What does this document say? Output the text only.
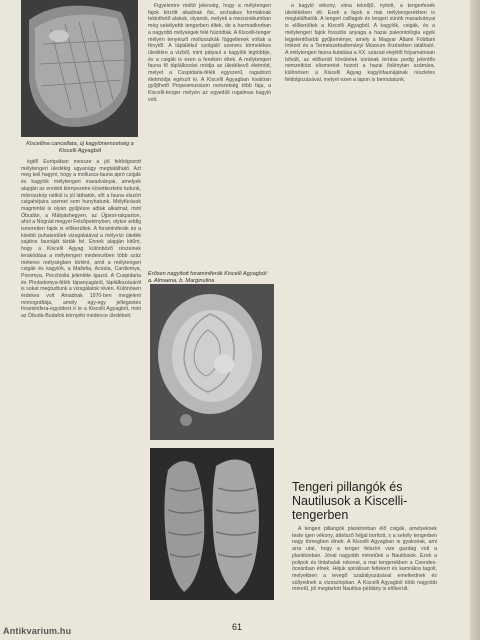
Kiscellina cancellata, új kagylónemzetség a Kiscelli Agyagból

égtől Európában messze a jól feldolgozott mélytengeri üledékig ugyanúgy megtalálható. Azt meg kell hagyni, hogy a mollusca-fauna apró csigák és kagylók mélytengeri maradványai, amelyek alapján az eredeti környezetre következtetni tudunk, mikroszkóp nélkül is jól láthatók, sőt a fauna elszórt csigahéjaira szemet sem hunyhatunk. Mélyfúrások magmintái is olyan gyűjtésre adtak alkalmat, mint Óbudán, a Mátyáshegyen, az Újpest-rakparton, ahol a Nógrád megyei Felsőpetényben, olykor eddig ismeretlen fajok is előkerültek. A foraminiferák és a kisebb puhatestűek vizsgálatával a mélyvízi üledék sajátos faunáját tárták fel. Ennek alapján kitűnt, hogy a Kiscelli Agyag különböző részeinek lerakódása a mélytengeri medencében több száz méteres mélységben történt, amit a mélytengeri csigák és kagylók, a Malletia, Acesta, Cardiomya, Poromya, Pecchiolia jelenléte igazol. A Cuspidaria és Pholadomya-félék tápanyagáról, táplálkozásáról is sokat megtudtunk a vizsgálatok révén. Különösen érdekes volt Amadnak 1970-ben megjelent monográfiája, amely egy-egy jellegzetes foraminifera-együttest ír le a Kiscelli Agyagból, mint az Óbuda-Budafok környéki medence üledékeit.

Figyelemre méltó jelenség, hogy a mélytengeri fajok között akadnak ősi, archaikus formáknak tekinthető alakok, olyanok, melyek a mezozoikumban még sekélyebb tengerben éltek, de a harmadkorban a nagyobb mélységek felé húzódtak. A Kiscelli-tenger mélyén tenyésző mollusszkák függetlenek voltak a fénytől. A táplálékul szolgáló szerves törmelékes üledékre a vízből, mint pályaul a kagylók legtöbbje, és a csigák is ezen a fenékén éltek. A mélytengeri fauna fő táplálkozási módja az üledékevő életmód, melyet a Cuspidaria-félék egyszerű, ragadozó életmódja egészít ki. A Kiscelli Agyagban kiválóan gyűjthető Propeamussium nemzetség több faja, a Kiscelli-tenger mélyén az egyedüli rugalmas kagyló volt.

a kagyló vékony, sima teknőjű, nyitott, a tengerfenék üledékében élt. Ezek a fajok a mai mélytengerekben is megtalálhatók. A tengeri csillagok és tengeri sünök maradványai is előkerültek a Kiscelli Agyagból. A kagylók, csigák, és a mélytengeri fajok fosszilis anyaga a hazai paleontológia egyik legjelentősebb gyűjteménye, amely a Magyar Állami Földtani Intézet és a Természettudományi Múzeum őrzésében található. A mélytengeri fauna kutatása a XX. század elejétől folyamatosan bővült, az előkerült kövületek sorának leírása pedig jelentős nemzetközi elismerést hozott a hazai őslénytan számára, különösen a Kiscelli Agyag kagylófaunájának részletes feldolgozásával, melyet ezen a lapon is bemutatunk.

Erősen nagyított foraminiferák Kiscelli Agyagból: a. Almaena, b. Marginulina
Tengeri pillangók és Nautilusok a Kiscelli-tengerben

A tengeri pillangók planktonban élő csigák, amelyeknek teste igen vékony, áttetsző héjjal borított, s a sekély tengerben nagy tömegben élnek. A Kiscelli Agyagban is gyakoriak, ami arra utal, hogy a tenger felszíni vize gazdag volt a planktonban. Jóval nagyobb méretűek a Nautilusok. Ezek a polipok és tintahalak rokonai, a mai tengerekben a Csendes-óceánban élnek. Héjuk spirálisan feltekert és kamrákra tagolt, melyekben a levegő szabályozásával emelkednek és süllyednek a vízoszlopban. A Kiscelli Agyagból több nagyobb méretű, jól megtartott Nautilus-példány is előkerült.

61
Antikvarium.hu
